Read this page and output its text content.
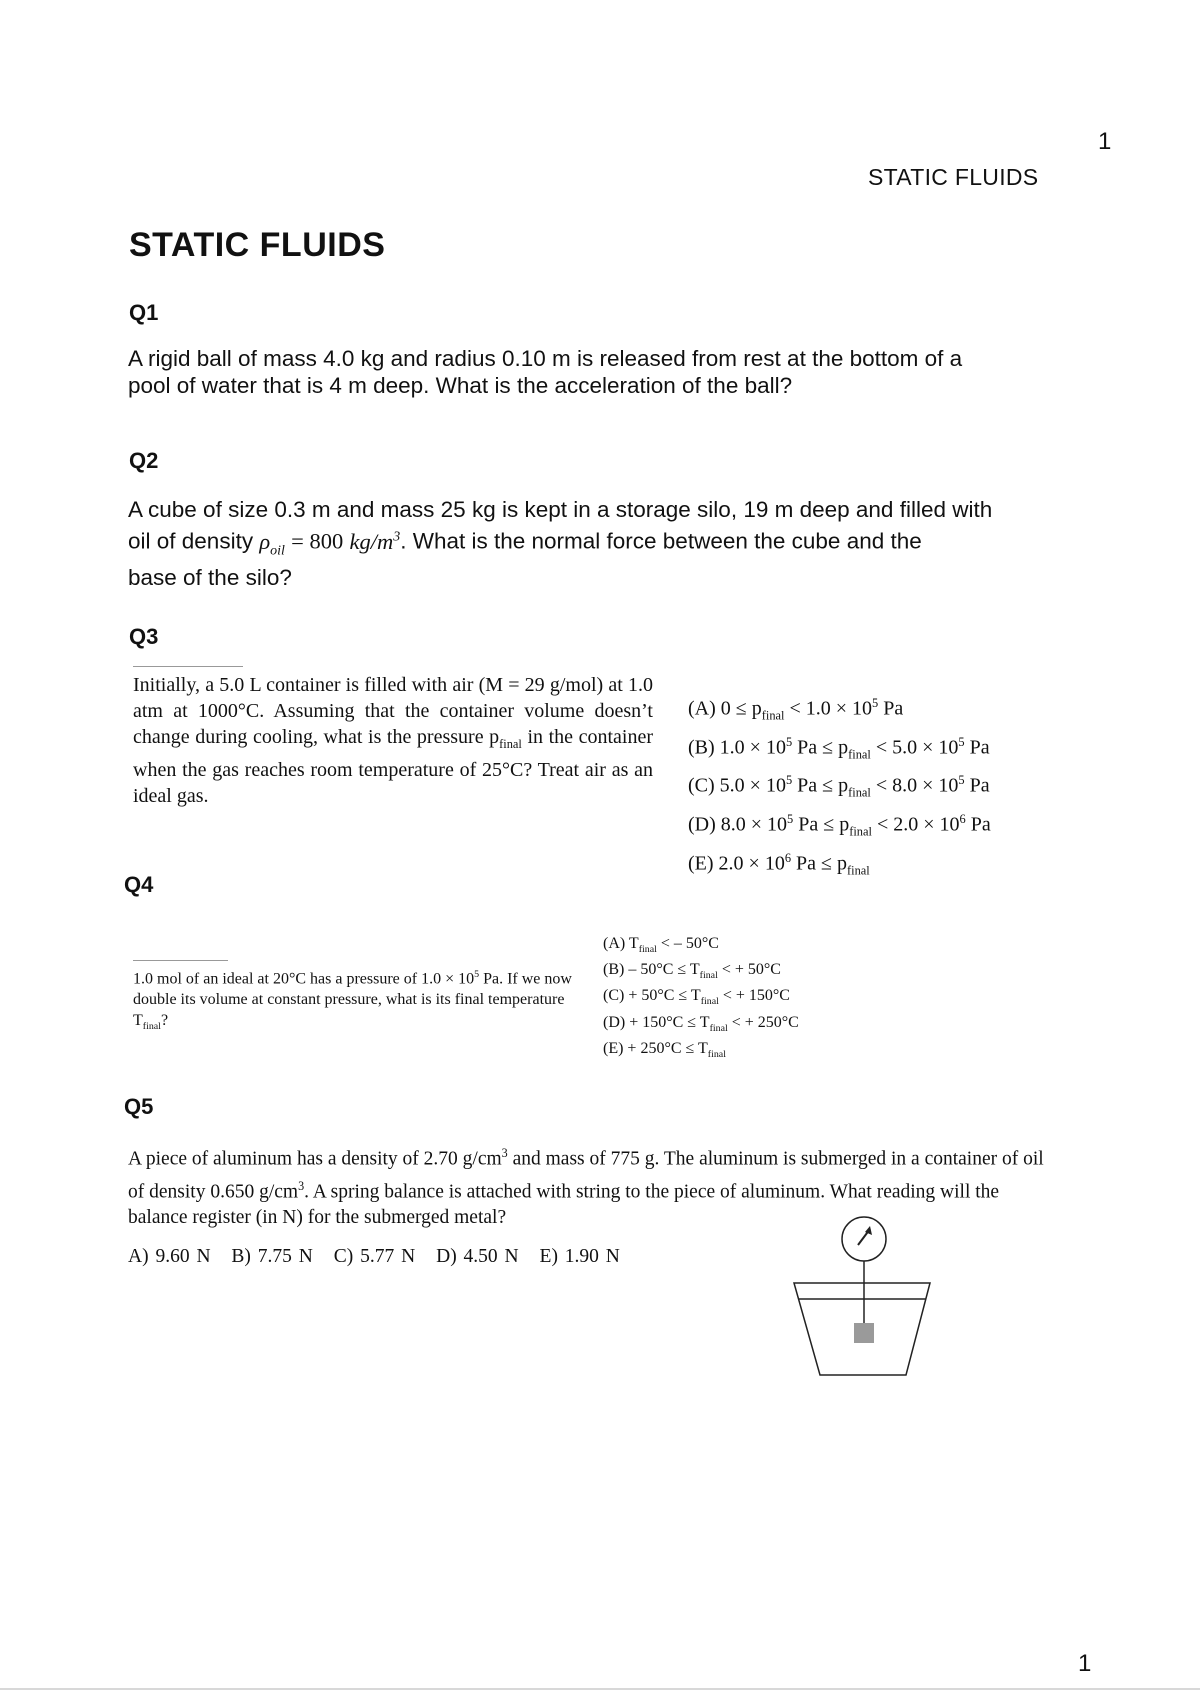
1
STATIC FLUIDS
STATIC FLUIDS
Q1
A rigid ball of mass 4.0 kg and radius 0.10 m is released from rest at the bottom of a
pool of water that is 4 m deep. What is the acceleration of the ball?
Q2
A cube of size 0.3 m and mass 25 kg is kept in a storage silo, 19 m deep and filled with
oil of density $\rho_{oil} = 800$ $kg/m^3$. What is the normal force between the cube and the
base of the silo?
Q3
Initially, a 5.0 L container is filled with air (M = 29 g/mol) at 1.0 atm at 1000°C. Assuming that the container volume doesn’t change during cooling, what is the pressure $p_{final}$ in the container when the gas reaches room temperature of 25°C? Treat air as an ideal gas.
(A) $0 \le p_{final} < 1.0 \times 10^5$ Pa
(B) $1.0 \times 10^5$ $Pa \le p_{final} < 5.0 \times 10^5$ Pa
(C) $5.0 \times 10^5$ $Pa \le p_{final} < 8.0 \times 10^5$ Pa
(D) $8.0 \times 10^5$ $Pa \le p_{final} < 2.0 \times 10^6$ Pa
(E) $2.0 \times 10^6$ $Pa \le p_{final}$
Q4
1.0 mol of an ideal at 20°C has a pressure of $1.0 \times 10^5$ Pa. If we now double its volume at constant pressure, what is its final temperature $T_{final}$?
(A) $T_{final}$ < – 50°C
$(B) - 50^\circ C \le T_{final}$ < + 50°C
$(C) + 50^\circ C \le T_{final}$ < + 150°C
$(D) + 150^\circ C \le T_{final}$ < + 250°C
$(E) + 250^\circ C \le T_{final}$
Q5
A piece of aluminum has a density of 2.70 $g/cm^3$ and mass of 775 g. The aluminum is submerged in a container of oil of density 0.650 $g/cm^3$. A spring balance is attached with string to the piece of aluminum. What reading will the balance register (in N) for the submerged metal?
A) 9.60 N B) 7.75 N C) 5.77 N D) 4.50 N E) 1.90 N
1
